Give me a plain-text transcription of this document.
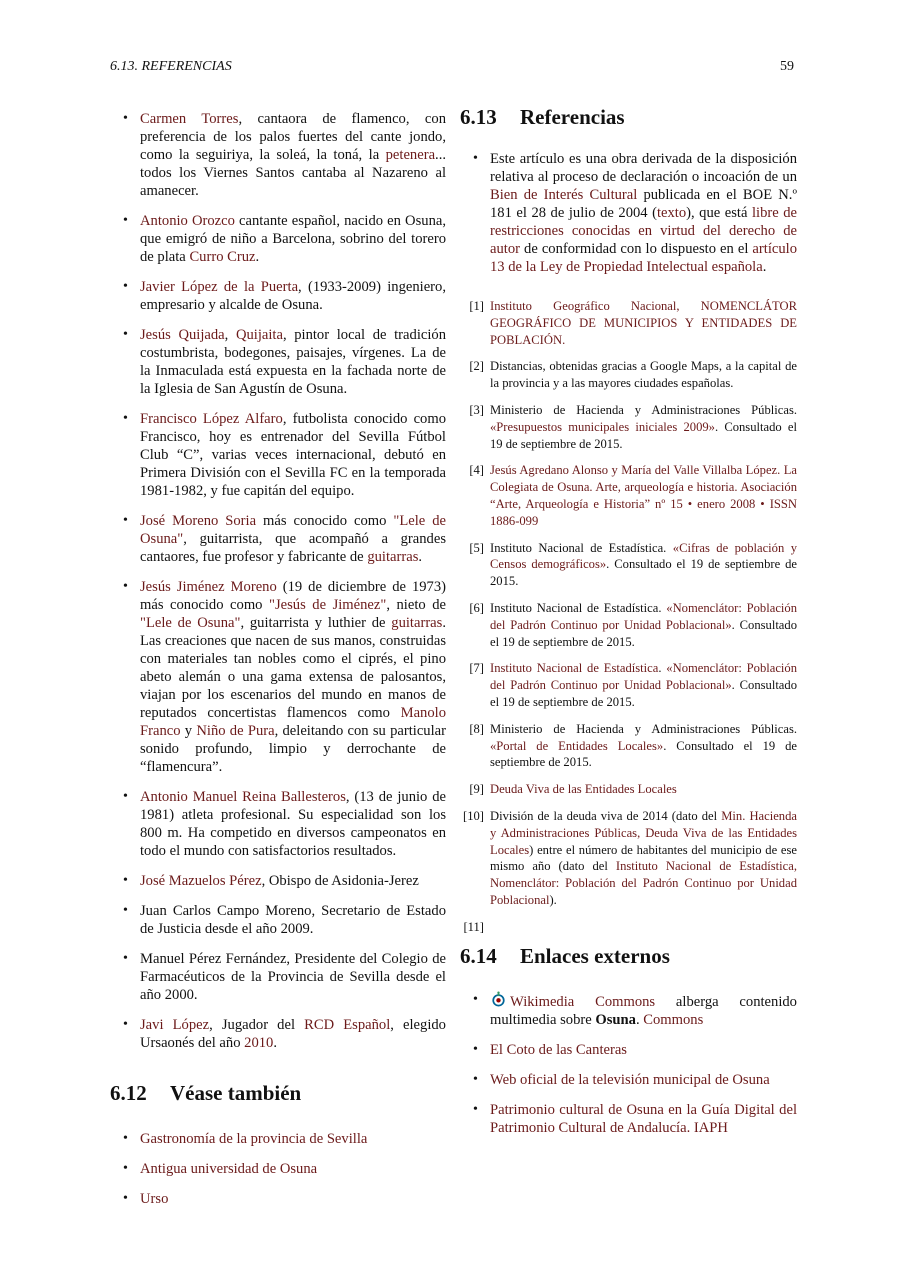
6.13. REFERENCIAS	59
• Carmen Torres, cantaora de flamenco, con preferencia de los palos fuertes del cante jondo, como la seguiriya, la soleá, la toná, la petenera... todos los Viernes Santos cantaba al Nazareno al amanecer.
• Antonio Orozco cantante español, nacido en Osuna, que emigró de niño a Barcelona, sobrino del torero de plata Curro Cruz.
• Javier López de la Puerta, (1933-2009) ingeniero, empresario y alcalde de Osuna.
• Jesús Quijada, Quijaita, pintor local de tradición costumbrista, bodegones, paisajes, vírgenes. La de la Inmaculada está expuesta en la fachada norte de la Iglesia de San Agustín de Osuna.
• Francisco López Alfaro, futbolista conocido como Francisco, hoy es entrenador del Sevilla Fútbol Club “C”, varias veces internacional, debutó en Primera División con el Sevilla FC en la temporada 1981-1982, y fue capitán del equipo.
• José Moreno Soria más conocido como "Lele de Osuna", guitarrista, que acompañó a grandes cantaores, fue profesor y fabricante de guitarras.
• Jesús Jiménez Moreno (19 de diciembre de 1973) más conocido como "Jesús de Jiménez", nieto de "Lele de Osuna", guitarrista y luthier de guitarras. Las creaciones que nacen de sus manos, construidas con materiales tan nobles como el ciprés, el pino abeto alemán o una gama extensa de palosantos, viajan por los escenarios del mundo en manos de reputados concertistas flamencos como Manolo Franco y Niño de Pura, deleitando con su particular sonido profundo, limpio y derrochante de “flamencura”.
• Antonio Manuel Reina Ballesteros, (13 de junio de 1981) atleta profesional. Su especialidad son los 800 m. Ha competido en diversos campeonatos en todo el mundo con satisfactorios resultados.
• José Mazuelos Pérez, Obispo de Asidonia-Jerez
• Juan Carlos Campo Moreno, Secretario de Estado de Justicia desde el año 2009.
• Manuel Pérez Fernández, Presidente del Colegio de Farmacéuticos de la Provincia de Sevilla desde el año 2000.
• Javi López, Jugador del RCD Español, elegido Ursaonés del año 2010.
6.12 Véase también
• Gastronomía de la provincia de Sevilla
• Antigua universidad de Osuna
• Urso
6.13 Referencias
• Este artículo es una obra derivada de la disposición relativa al proceso de declaración o incoación de un Bien de Interés Cultural publicada en el BOE N.º 181 el 28 de julio de 2004 (texto), que está libre de restricciones conocidas en virtud del derecho de autor de conformidad con lo dispuesto en el artículo 13 de la Ley de Propiedad Intelectual española.
[1] Instituto Geográfico Nacional, NOMENCLÁTOR GEOGRÁFICO DE MUNICIPIOS Y ENTIDADES DE POBLACIÓN.
[2] Distancias, obtenidas gracias a Google Maps, a la capital de la provincia y a las mayores ciudades españolas.
[3] Ministerio de Hacienda y Administraciones Públicas. «Presupuestos municipales iniciales 2009». Consultado el 19 de septiembre de 2015.
[4] Jesús Agredano Alonso y María del Valle Villalba López. La Colegiata de Osuna. Arte, arqueología e historia. Asociación “Arte, Arqueología e Historia” nº 15 • enero 2008 • ISSN 1886-099
[5] Instituto Nacional de Estadística. «Cifras de población y Censos demográficos». Consultado el 19 de septiembre de 2015.
[6] Instituto Nacional de Estadística. «Nomenclátor: Población del Padrón Continuo por Unidad Poblacional». Consultado el 19 de septiembre de 2015.
[7] Instituto Nacional de Estadística. «Nomenclátor: Población del Padrón Continuo por Unidad Poblacional». Consultado el 19 de septiembre de 2015.
[8] Ministerio de Hacienda y Administraciones Públicas. «Portal de Entidades Locales». Consultado el 19 de septiembre de 2015.
[9] Deuda Viva de las Entidades Locales
[10] División de la deuda viva de 2014 (dato del Min. Hacienda y Administraciones Públicas, Deuda Viva de las Entidades Locales) entre el número de habitantes del municipio de ese mismo año (dato del Instituto Nacional de Estadística, Nomenclátor: Población del Padrón Continuo por Unidad Poblacional).
[11]
6.14 Enlaces externos
• Wikimedia Commons alberga contenido multimedia sobre Osuna. Commons
• El Coto de las Canteras
• Web oficial de la televisión municipal de Osuna
• Patrimonio cultural de Osuna en la Guía Digital del Patrimonio Cultural de Andalucía. IAPH
